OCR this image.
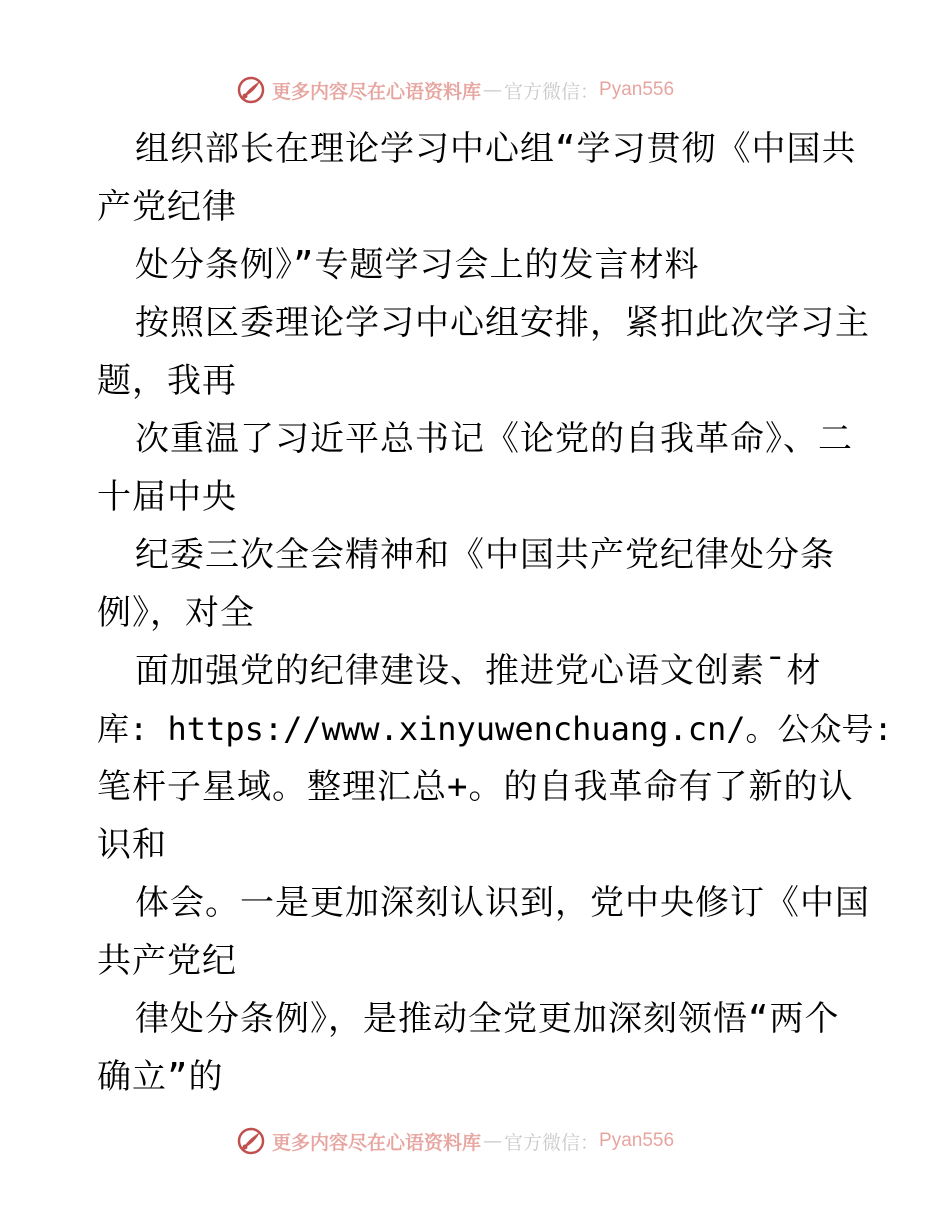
更多内容尽在心语资料库 — 官方微信： Pyan556
组织部长在理论学习中心组“学习贯彻《中国共
产党纪律
处分条例》”专题学习会上的发言材料
按照区委理论学习中心组安排，紧扣此次学习主
题，我再
次重温了习近平总书记《论党的自我革命》、二
十届中央
纪委三次全会精神和《中国共产党纪律处分条
例》，对全
面加强党的纪律建设、推进党心语文创素¯材
库: https://www.xinyuwenchuang.cn/。公众号:
笔杆子星域。整理汇总+。的自我革命有了新的认
识和
体会。一是更加深刻认识到，党中央修订《中国
共产党纪
律处分条例》，是推动全党更加深刻领悟“两个
确立”的
更多内容尽在心语资料库 — 官方微信： Pyan556
